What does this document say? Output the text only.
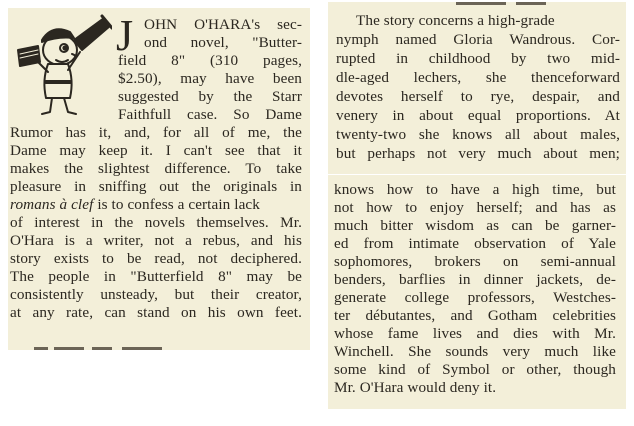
J OHN O'HARA's sec-
ond novel, "Butter-
field 8" (310 pages,
$2.50), may have been
suggested by the Starr
Faithfull case. So Dame
Rumor has it, and, for all of me, the
Dame may keep it. I can't see that it
makes the slightest difference. To take
pleasure in sniffing out the originals in
romans à clef is to confess a certain lack
of interest in the novels themselves. Mr.
O'Hara is a writer, not a rebus, and his
story exists to be read, not deciphered.
The people in "Butterfield 8" may be
consistently unsteady, but their creator,
at any rate, can stand on his own feet.
The story concerns a high-grade
nymph named Gloria Wandrous. Cor-
rupted in childhood by two mid-
dle-aged lechers, she thenceforward
devotes herself to rye, despair, and
venery in about equal proportions. At
twenty-two she knows all about males,
but perhaps not very much about men;
knows how to have a high time, but
not how to enjoy herself; and has as
much bitter wisdom as can be garner-
ed from intimate observation of Yale
sophomores, brokers on semi-annual
benders, barflies in dinner jackets, de-
generate college professors, Westches-
ter débutantes, and Gotham celebrities
whose fame lives and dies with Mr.
Winchell. She sounds very much like
some kind of Symbol or other, though
Mr. O'Hara would deny it.
